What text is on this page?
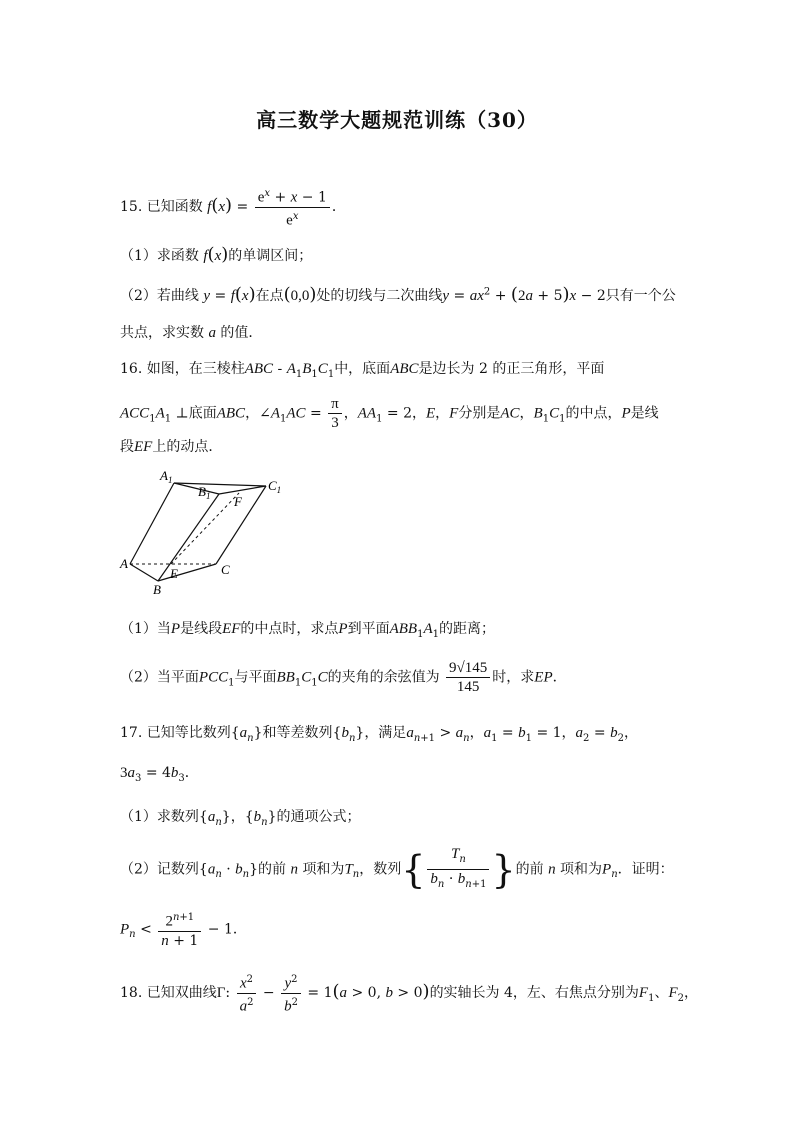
高三数学大题规范训练（30）
15. 已知函数 $f(x) = \frac{e^x + x - 1}{e^x}$ ．
（1）求函数 f(x)的单调区间；
（2）若曲线 y = f(x)在点(0,0)处的切线与二次曲线$y = ax^2 + (2a + 5)x - 2$只有一个公
共点，求实数 a 的值．
16. 如图，在三棱柱ABC - $A_1B_1C_1$中，底面ABC是边长为 2 的正三角形，平面
$ACC_1A_1$ ⊥底面ABC，$\angle A_1AC = \frac{\pi}{3}$ ，$AA_1 = 2$，E，F分别是AC，$B_1C_1$的中点，P是线
段EF上的动点．
$A_1$
$B_1$
$C_1$
F
A
E	C
B
（1）当P是线段EF的中点时，求点P到平面$ABB_1A_1$的距离；
（2）当平面$PCC_1$与平面$BB_1C_1C$的夹角的余弦值为 $\frac{9√145}{145}$ 时，求EP．
17. 已知等比数列$\{a_n\}$和等差数列$\{b_n\}$，满足$a_{n+1} > a_n$，$a_1 = b_1 = 1$，$a_2 = b_2$，
$3a_3 = 4b_3$．
（1）求数列$\{a_n\}$，$\{b_n\}$的通项公式；
（2）记数列$\{a_n \cdot b_n\}$的前 n 项和为$T_n$，数列{ $\frac{T_n}{b_n \cdot b_{n+1}}$ }的前 n 项和为$P_n$．证明：
$P_n < \frac{2^{n+1}}{n + 1} - 1$．
18. 已知双曲线Γ: $\frac{x^2}{a^2} - \frac{y^2}{b^2} = 1(a > 0$, b > 0)的实轴长为 4，左、右焦点分别为$F_1$、$F_2$，
